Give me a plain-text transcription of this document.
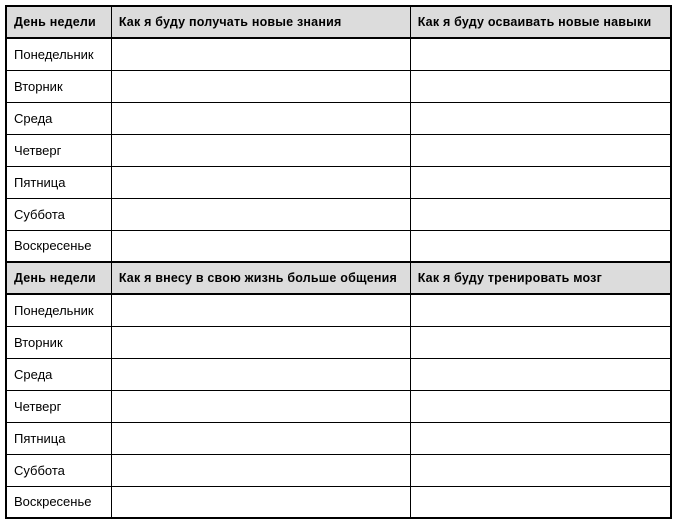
День недели	Как я буду получать новые знания	Как я буду осваивать новые навыки
Понедельник		
Вторник		
Среда		
Четверг		
Пятница		
Суббота		
Воскресенье		
День недели	Как я внесу в свою жизнь больше общения	Как я буду тренировать мозг
Понедельник		
Вторник		
Среда		
Четверг		
Пятница		
Суббота		
Воскресенье		
